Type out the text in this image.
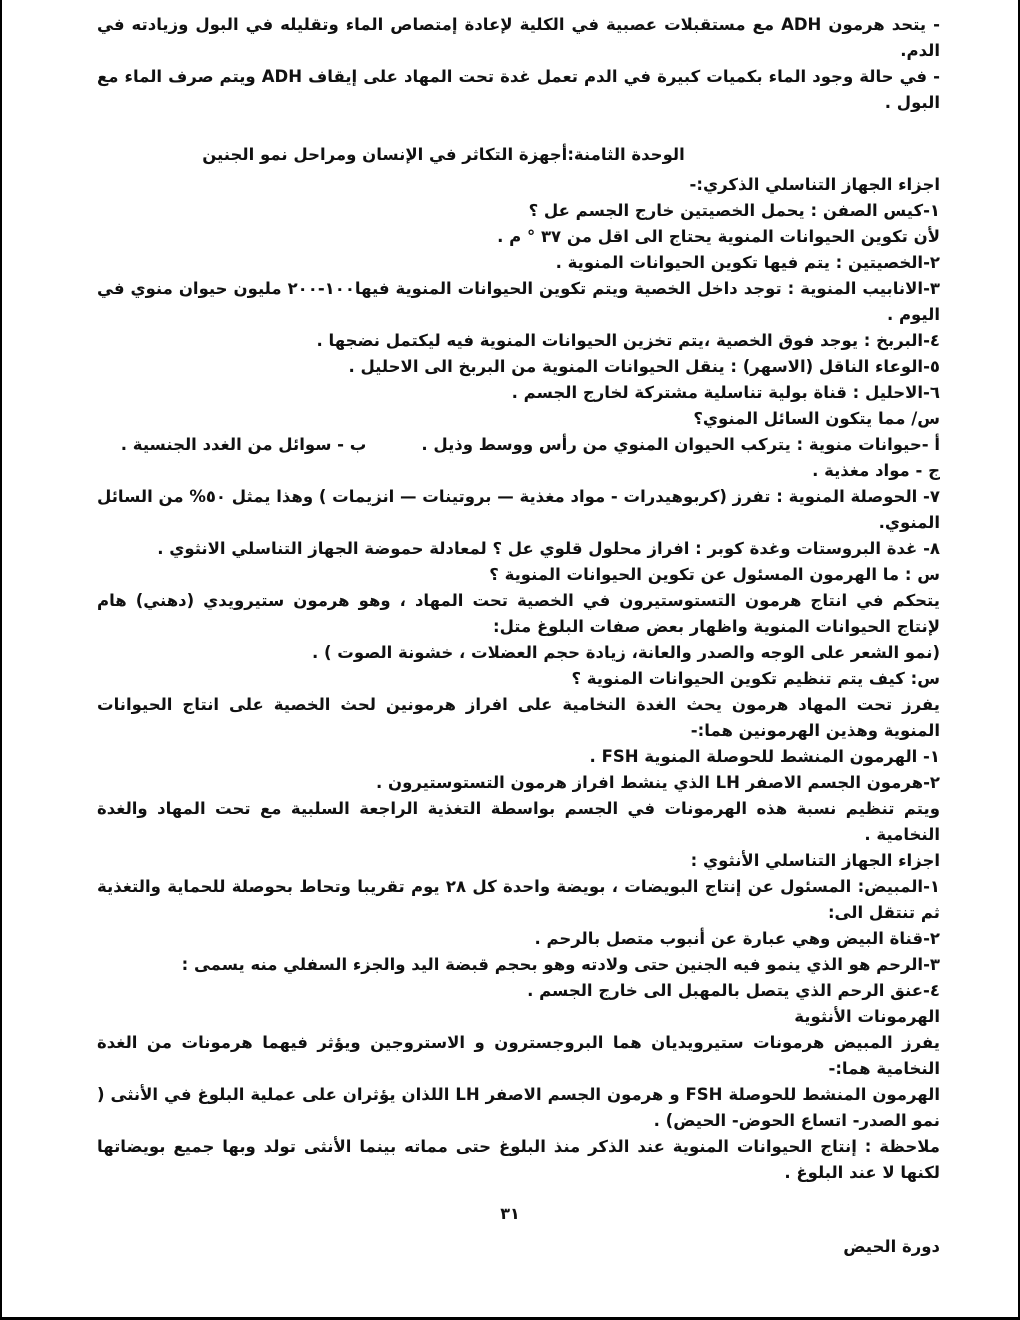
- يتحد هرمون ADH مع مستقبلات عصبية في الكلية لإعادة إمتصاص الماء وتقليله في البول وزيادته في الدم.

- في حالة وجود الماء بكميات كبيرة في الدم تعمل غدة تحت المهاد على إيقاف ADH ويتم صرف الماء مع البول .

الوحدة الثامنة:أجهزة التكاثر في الإنسان ومراحل نمو الجنين

اجزاء الجهاز التناسلي الذكري:-

١-كيس الصفن : يحمل الخصيتين خارج الجسم عل ؟

لأن تكوين الحيوانات المنوية يحتاج الى اقل من ٣٧ ° م .

٢-الخصيتين : يتم فيها تكوين الحيوانات المنوية .

٣-الانابيب المنوية : توجد داخل الخصية ويتم تكوين الحيوانات المنوية فيها١٠٠-٢٠٠ مليون حيوان منوي في اليوم .

٤-البربخ : يوجد فوق الخصية ،يتم تخزين الحيوانات المنوية فيه ليكتمل نضجها .

٥-الوعاء الناقل (الاسهر) : ينقل الحيوانات المنوية من البربخ الى الاحليل .

٦-الاحليل : قناة بولية تناسلية مشتركة لخارج الجسم .

س/ مما يتكون السائل المنوي؟

أ -حيوانات منوية : يتركب الحيوان المنوي من رأس ووسط وذيل .
ب - سوائل من الغدد الجنسية .

ج - مواد مغذية .

٧- الحوصلة المنوية : تفرز (كربوهيدرات - مواد مغذية — بروتينات — انزيمات ) وهذا يمثل ٥٠% من السائل المنوي.

٨- غدة البروستات وغدة كوبر : افراز محلول قلوي عل ؟ لمعادلة حموضة الجهاز التناسلي الانثوي .

س : ما الهرمون المسئول عن تكوين الحيوانات المنوية ؟

يتحكم في انتاج هرمون التستوستيرون في الخصية تحت المهاد ، وهو هرمون ستيرويدي (دهني) هام لإنتاج الحيوانات المنوية واظهار بعض صفات البلوغ متل:

(نمو الشعر على الوجه والصدر والعانة، زيادة حجم العضلات ، خشونة الصوت ) .

س: كيف يتم تنظيم تكوين الحيوانات المنوية ؟

يفرز تحت المهاد هرمون يحث الغدة النخامية على افراز هرمونين لحث الخصية على انتاج الحيوانات المنوية وهذين الهرمونين هما:-

١- الهرمون المنشط للحوصلة المنوية FSH .

٢-هرمون الجسم الاصفر LH الذي ينشط افراز هرمون التستوستيرون .

ويتم تنظيم نسبة هذه الهرمونات في الجسم بواسطة التغذية الراجعة السلبية مع تحت المهاد والغدة النخامية .

اجزاء الجهاز التناسلي الأنثوي :

١-المبيض: المسئول عن إنتاج البويضات ، بويضة واحدة كل ٢٨ يوم تقريبا وتحاط بحوصلة للحماية والتغذية ثم تنتقل الى:

٢-قناة البيض وهي عبارة عن أنبوب متصل بالرحم .

٣-الرحم هو الذي ينمو فيه الجنين حتى ولادته وهو بحجم قبضة اليد والجزء السفلي منه يسمى :

٤-عنق الرحم الذي يتصل بالمهبل الى خارج الجسم .

الهرمونات الأنثوية

يفرز المبيض هرمونات ستيرويديان هما البروجسترون و الاستروجين ويؤثر فيهما هرمونات من الغدة النخامية هما:-

الهرمون المنشط للحوصلة FSH و هرمون الجسم الاصفر LH اللذان يؤثران على عملية البلوغ في الأنثى ( نمو الصدر- اتساع الحوض- الحيض) .

ملاحظة : إنتاج الحيوانات المنوية عند الذكر منذ البلوغ حتى مماته بينما الأنثى تولد وبها جميع بويضاتها لكنها لا عند البلوغ .

دورة الحيض

٣١
